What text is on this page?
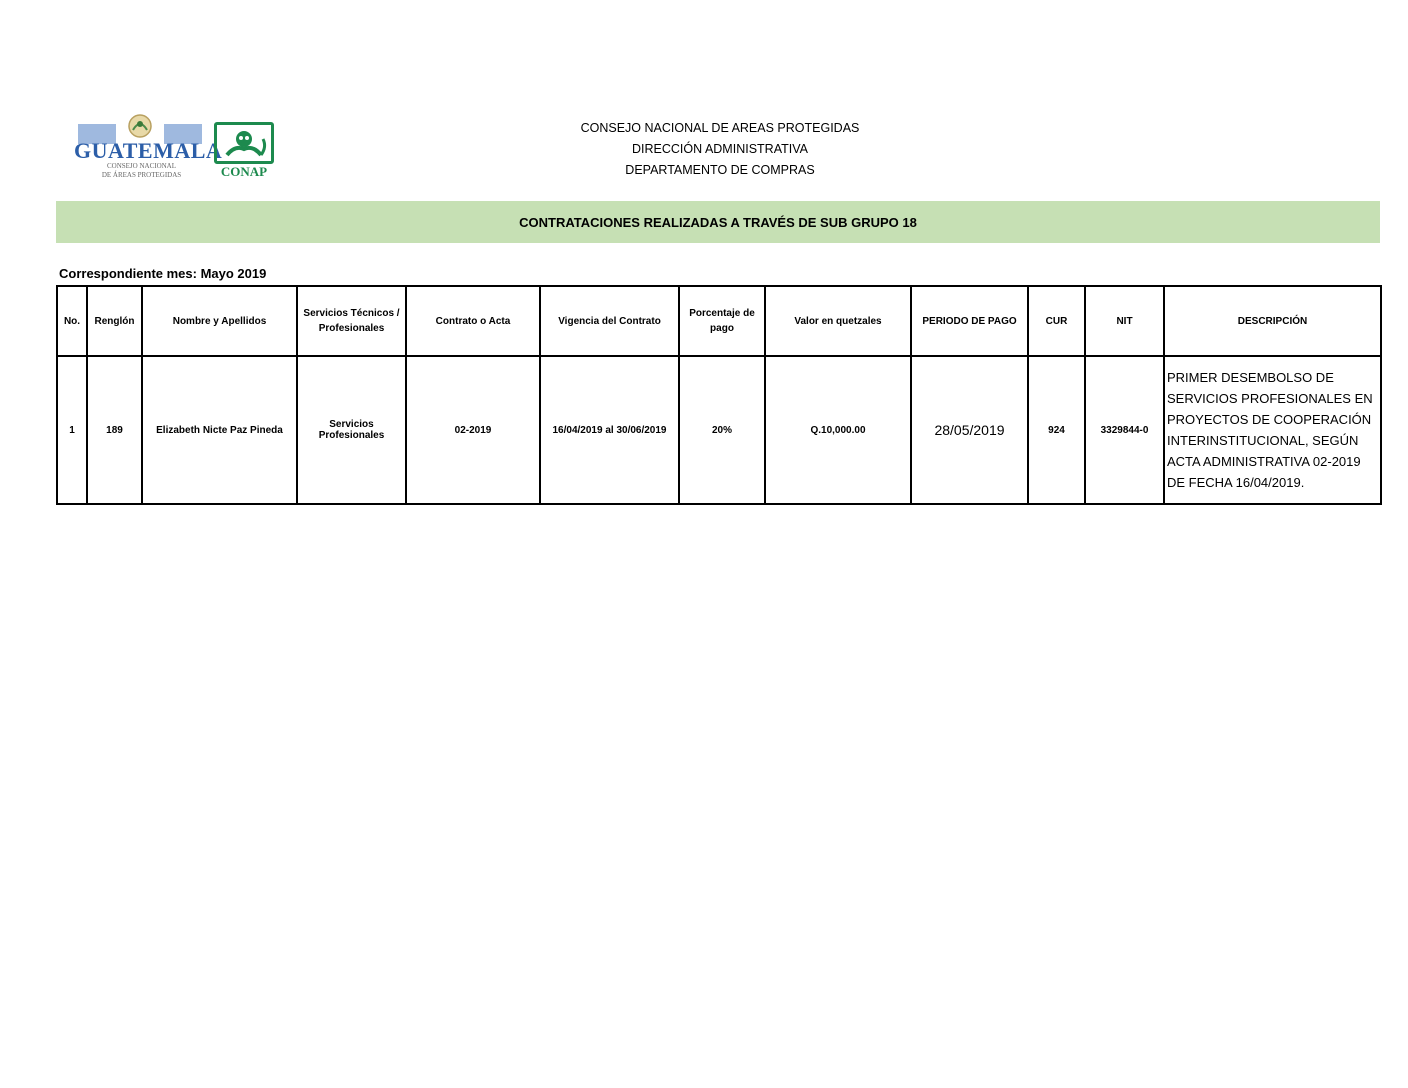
GUATEMALA
CONSEJO NACIONAL
DE ÁREAS PROTEGIDAS	CONAP
CONSEJO NACIONAL DE AREAS PROTEGIDAS
DIRECCIÓN ADMINISTRATIVA
DEPARTAMENTO DE COMPRAS
CONTRATACIONES REALIZADAS A TRAVÉS DE SUB GRUPO 18
Correspondiente mes: Mayo 2019
No.	Renglón	Nombre y Apellidos	Servicios Técnicos / Profesionales	Contrato o Acta	Vigencia del Contrato	Porcentaje de pago	Valor en quetzales	PERIODO DE PAGO	CUR	NIT	DESCRIPCIÓN
1	189	Elizabeth Nicte Paz Pineda	Servicios Profesionales	02-2019	16/04/2019 al 30/06/2019	20%	Q.10,000.00	28/05/2019	924	3329844-0	PRIMER DESEMBOLSO DE SERVICIOS PROFESIONALES EN PROYECTOS DE COOPERACIÓN INTERINSTITUCIONAL, SEGÚN ACTA ADMINISTRATIVA 02-2019 DE FECHA 16/04/2019.
